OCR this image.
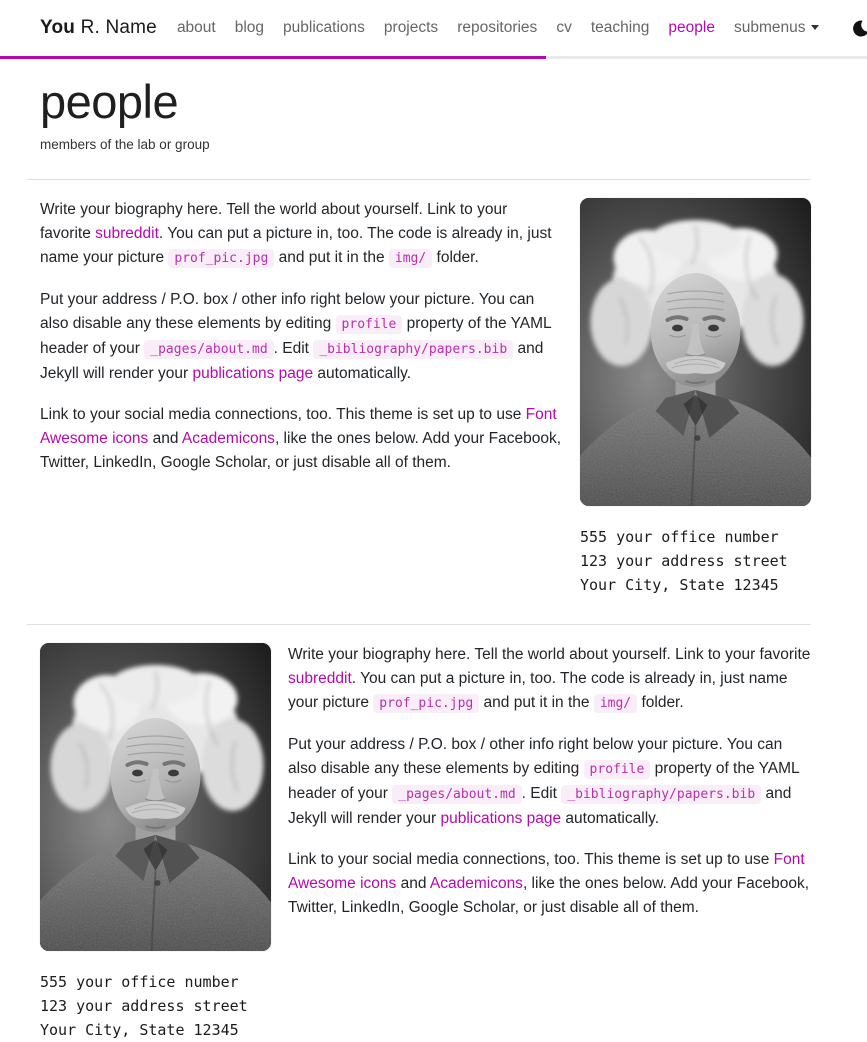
You R. Name about blog publications projects repositories cv teaching people submenus
people

members of the lab or group

Write your biography here. Tell the world about yourself. Link to your favorite subreddit. You can put a picture in, too. The code is already in, just name your picture prof_pic.jpg and put it in the img/ folder.

Put your address / P.O. box / other info right below your picture. You can also disable any these elements by editing profile property of the YAML header of your _pages/about.md . Edit _bibliography/papers.bib and Jekyll will render your publications page automatically.

Link to your social media connections, too. This theme is set up to use Font Awesome icons and Academicons, like the ones below. Add your Facebook, Twitter, LinkedIn, Google Scholar, or just disable all of them.

555 your office number
123 your address street
Your City, State 12345
555 your office number
123 your address street
Your City, State 12345

Write your biography here. Tell the world about yourself. Link to your favorite subreddit. You can put a picture in, too. The code is already in, just name your picture prof_pic.jpg and put it in the img/ folder.

Put your address / P.O. box / other info right below your picture. You can also disable any these elements by editing profile property of the YAML header of your _pages/about.md . Edit _bibliography/papers.bib and Jekyll will render your publications page automatically.

Link to your social media connections, too. This theme is set up to use Font Awesome icons and Academicons, like the ones below. Add your Facebook, Twitter, LinkedIn, Google Scholar, or just disable all of them.
